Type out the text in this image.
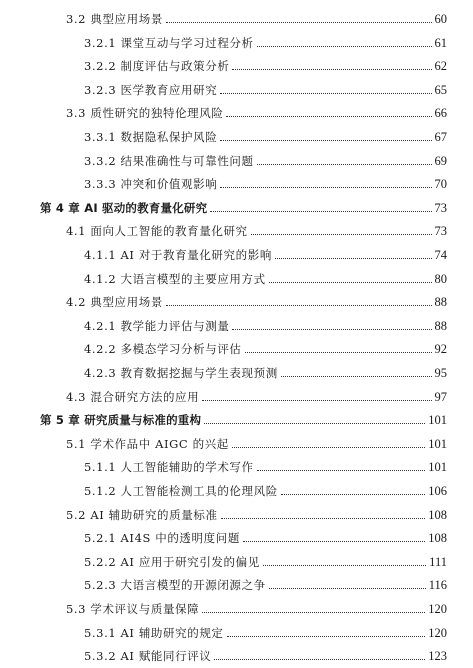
3.2 典型应用场景	60
3.2.1 课堂互动与学习过程分析	61
3.2.2 制度评估与政策分析	62
3.2.3 医学教育应用研究	65
3.3 质性研究的独特伦理风险	66
3.3.1 数据隐私保护风险	67
3.3.2 结果准确性与可靠性问题	69
3.3.3 冲突和价值观影响	70
第 4 章 AI 驱动的教育量化研究	73
4.1 面向人工智能的教育量化研究	73
4.1.1 AI 对于教育量化研究的影响	74
4.1.2 大语言模型的主要应用方式	80
4.2 典型应用场景	88
4.2.1 教学能力评估与测量	88
4.2.2 多模态学习分析与评估	92
4.2.3 教育数据挖掘与学生表现预测	95
4.3 混合研究方法的应用	97
第 5 章 研究质量与标准的重构	101
5.1 学术作品中 AIGC 的兴起	101
5.1.1 人工智能辅助的学术写作	101
5.1.2 人工智能检测工具的伦理风险	106
5.2 AI 辅助研究的质量标准	108
5.2.1 AI4S 中的透明度问题	108
5.2.2 AI 应用于研究引发的偏见	111
5.2.3 大语言模型的开源闭源之争	116
5.3 学术评议与质量保障	120
5.3.1 AI 辅助研究的规定	120
5.3.2 AI 赋能同行评议	123
